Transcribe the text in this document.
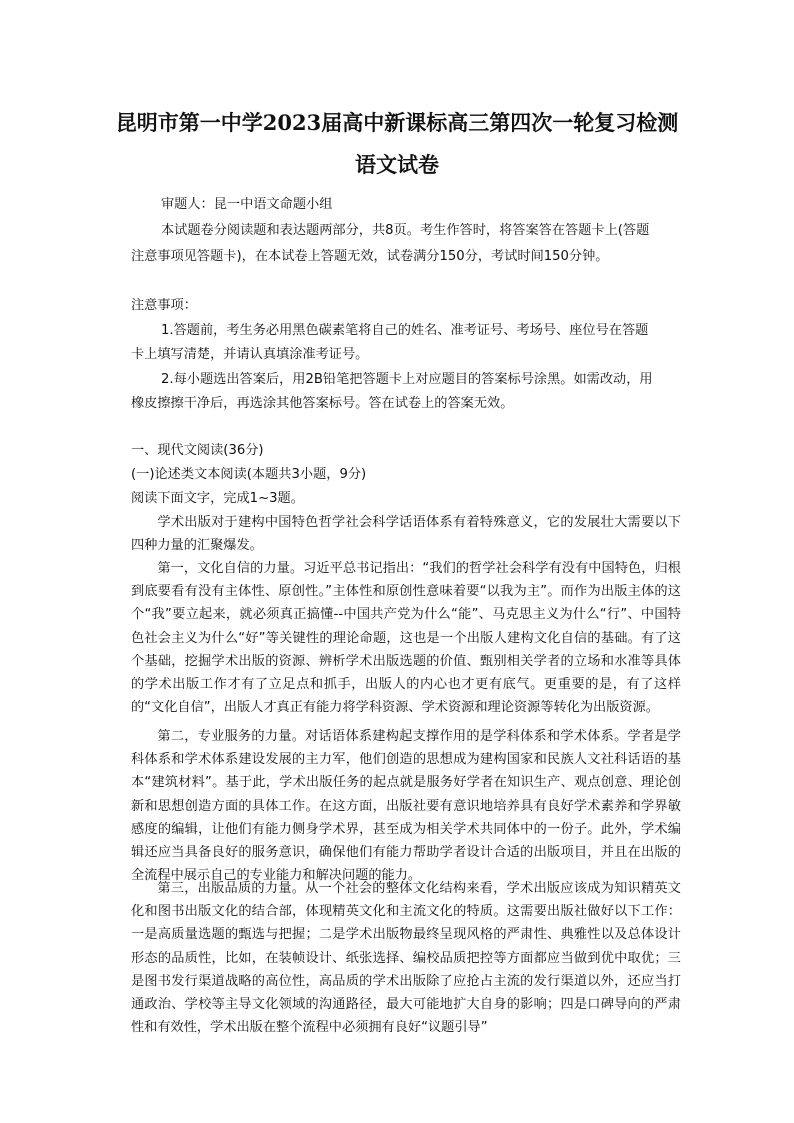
昆明市第一中学2023届高中新课标高三第四次一轮复习检测
语文试卷

审题人：昆一中语文命题小组

本试题卷分阅读题和表达题两部分，共8页。考生作答时，将答案答在答题卡上(答题

注意事项见答题卡)，在本试卷上答题无效，试卷满分150分，考试时间150分钟。

注意事项：

1.答题前，考生务必用黑色碳素笔将自己的姓名、准考证号、考场号、座位号在答题

卡上填写清楚，并请认真填涂准考证号。

2.每小题选出答案后，用2B铅笔把答题卡上对应题目的答案标号涂黑。如需改动，用

橡皮擦擦干净后，再选涂其他答案标号。答在试卷上的答案无效。

一、现代文阅读(36分)

(一)论述类文本阅读(本题共3小题，9分)

阅读下面文字，完成1~3题。

学术出版对于建构中国特色哲学社会科学话语体系有着特殊意义，它的发展壮大需要以下四种力量的汇聚爆发。

第一，文化自信的力量。习近平总书记指出：“我们的哲学社会科学有没有中国特色，归根到底要看有没有主体性、原创性。”主体性和原创性意味着要“以我为主”。而作为出版主体的这个“我”要立起来，就必须真正搞懂--中国共产党为什么“能”、马克思主义为什么“行”、中国特色社会主义为什么“好”等关键性的理论命题，这也是一个出版人建构文化自信的基础。有了这个基础，挖掘学术出版的资源、辨析学术出版选题的价值、甄别相关学者的立场和水准等具体的学术出版工作才有了立足点和抓手，出版人的内心也才更有底气。更重要的是，有了这样的“文化自信”，出版人才真正有能力将学科资源、学术资源和理论资源等转化为出版资源。

第二，专业服务的力量。对话语体系建构起支撑作用的是学科体系和学术体系。学者是学科体系和学术体系建设发展的主力军，他们创造的思想成为建构国家和民族人文社科话语的基本“建筑材料”。基于此，学术出版任务的起点就是服务好学者在知识生产、观点创意、理论创新和思想创造方面的具体工作。在这方面，出版社要有意识地培养具有良好学术素养和学界敏感度的编辑，让他们有能力侧身学术界，甚至成为相关学术共同体中的一份子。此外，学术编辑还应当具备良好的服务意识，确保他们有能力帮助学者设计合适的出版项目，并且在出版的全流程中展示自己的专业能力和解决问题的能力。

第三，出版品质的力量。从一个社会的整体文化结构来看，学术出版应该成为知识精英文化和图书出版文化的结合部，体现精英文化和主流文化的特质。这需要出版社做好以下工作：一是高质量选题的甄选与把握；二是学术出版物最终呈现风格的严肃性、典雅性以及总体设计形态的品质性，比如，在装帧设计、纸张选择、编校品质把控等方面都应当做到优中取优；三是图书发行渠道战略的高位性，高品质的学术出版除了应抢占主流的发行渠道以外，还应当打通政治、学校等主导文化领域的沟通路径，最大可能地扩大自身的影响；四是口碑导向的严肃性和有效性，学术出版在整个流程中必须拥有良好“议题引导”
